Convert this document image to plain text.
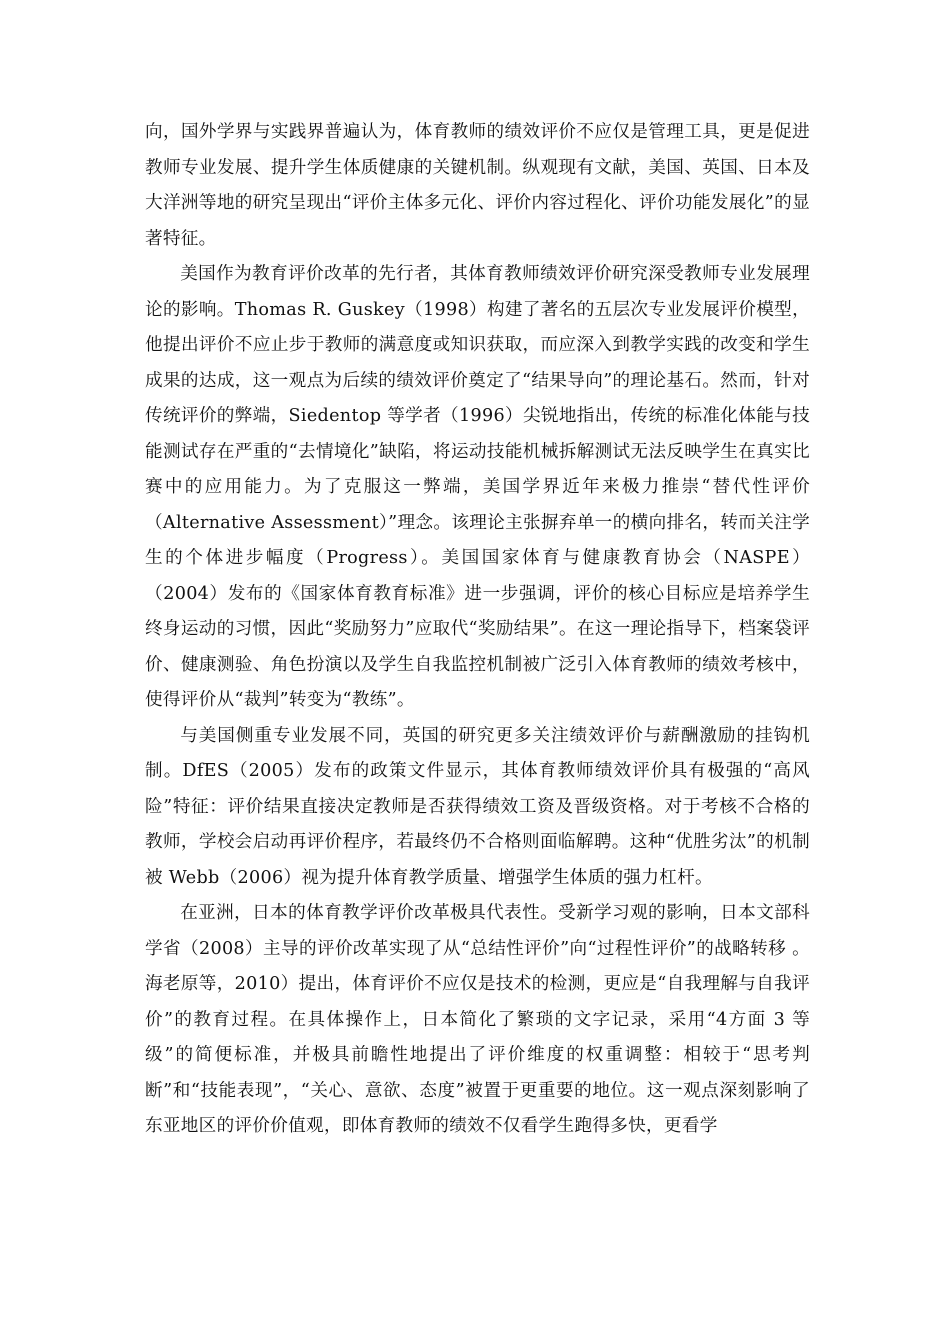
向，国外学界与实践界普遍认为，体育教师的绩效评价不应仅是管理工具，更是促进教师专业发展、提升学生体质健康的关键机制。纵观现有文献，美国、英国、日本及大洋洲等地的研究呈现出“评价主体多元化、评价内容过程化、评价功能发展化”的显著特征。

美国作为教育评价改革的先行者，其体育教师绩效评价研究深受教师专业发展理论的影响。Thomas R. Guskey（1998）构建了著名的五层次专业发展评价模型，他提出评价不应止步于教师的满意度或知识获取，而应深入到教学实践的改变和学生成果的达成，这一观点为后续的绩效评价奠定了“结果导向”的理论基石。然而，针对传统评价的弊端，Siedentop 等学者（1996）尖锐地指出，传统的标准化体能与技能测试存在严重的“去情境化”缺陷，将运动技能机械拆解测试无法反映学生在真实比赛中的应用能力。为了克服这一弊端，美国学界近年来极力推崇“替代性评价（Alternative Assessment）”理念。该理论主张摒弃单一的横向排名，转而关注学生的个体进步幅度（Progress）。美国国家体育与健康教育协会（NASPE）（2004）发布的《国家体育教育标准》进一步强调，评价的核心目标应是培养学生终身运动的习惯，因此“奖励努力”应取代“奖励结果”。在这一理论指导下，档案袋评价、健康测验、角色扮演以及学生自我监控机制被广泛引入体育教师的绩效考核中，使得评价从“裁判”转变为“教练”。

与美国侧重专业发展不同，英国的研究更多关注绩效评价与薪酬激励的挂钩机制。DfES（2005）发布的政策文件显示，其体育教师绩效评价具有极强的“高风险”特征：评价结果直接决定教师是否获得绩效工资及晋级资格。对于考核不合格的教师，学校会启动再评价程序，若最终仍不合格则面临解聘。这种“优胜劣汰”的机制被 Webb（2006）视为提升体育教学质量、增强学生体质的强力杠杆。

在亚洲，日本的体育教学评价改革极具代表性。受新学习观的影响，日本文部科学省（2008）主导的评价改革实现了从“总结性评价”向“过程性评价”的战略转移 。海老原等，2010）提出，体育评价不应仅是技术的检测，更应是“自我理解与自我评价”的教育过程。在具体操作上，日本简化了繁琐的文字记录，采用“4方面 3 等级”的简便标准，并极具前瞻性地提出了评价维度的权重调整：相较于“思考判断”和“技能表现”，“关心、意欲、态度”被置于更重要的地位。这一观点深刻影响了东亚地区的评价价值观，即体育教师的绩效不仅看学生跑得多快，更看学
